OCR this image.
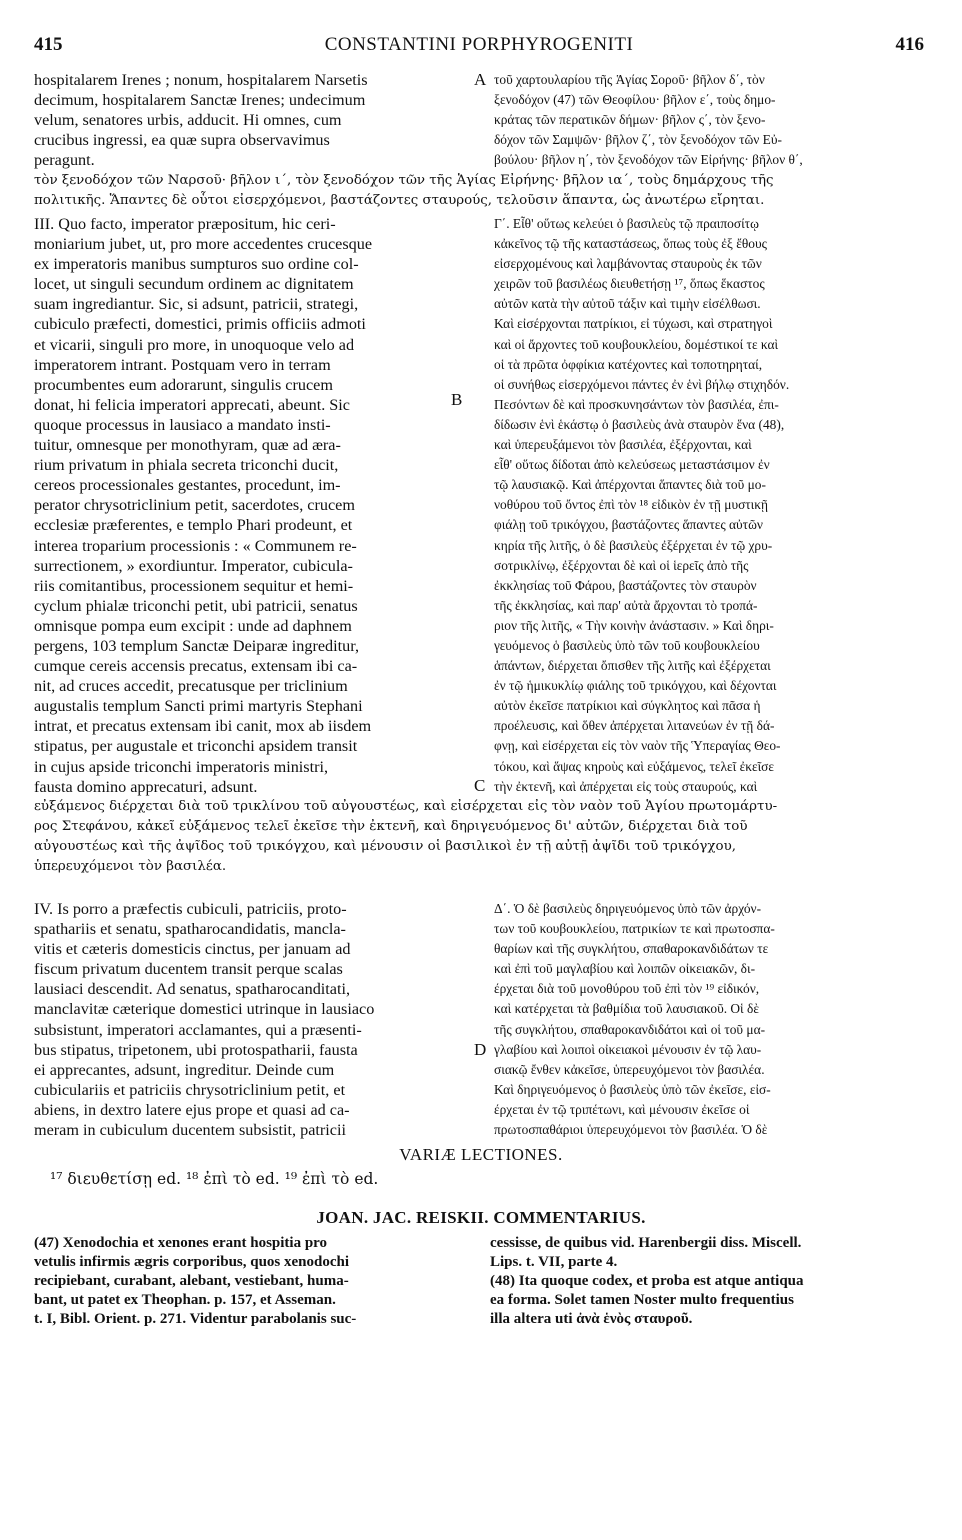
415	CONSTANTINI PORPHYROGENITI	416
hospitalarem Irenes ; nonum, hospitalarem Narsetis
decimum, hospitalarem Sanctæ Irenes; undecimum
velum, senatores urbis, adducit. Hi omnes, cum
crucibus ingressi, ea quæ supra observavimus
peragunt.
A τοῦ χαρτουλαρίου τῆς Ἁγίας Σοροῦ· βῆλον δ΄, τὸν
ξενοδόχον (47) τῶν Θεοφίλου· βῆλον ε΄, τοὺς δημο-
κράτας τῶν περατικῶν δήμων· βῆλον ς΄, τὸν ξενο-
δόχον τῶν Σαμψῶν· βῆλον ζ΄, τὸν ξενοδόχον τῶν Εὐ-
βούλου· βῆλον η΄, τὸν ξενοδόχον τῶν Εἰρήνης· βῆλον θ΄,
τὸν ξενοδόχον τῶν Ναρσοῦ· βῆλον ι΄, τὸν ξενοδόχον τῶν τῆς Ἁγίας Εἰρήνης· βῆλον ια΄, τοὺς δημάρχους τῆς
πολιτικῆς. Ἅπαντες δὲ οὗτοι εἰσερχόμενοι, βαστάζοντες σταυρούς, τελοῦσιν ἅπαντα, ὡς ἀνωτέρω εἴρηται.
III. Quo facto, imperator præpositum, hic ceri-
moniarium jubet, ut, pro more accedentes crucesque
ex imperatoris manibus sumpturos suo ordine col-
locet, ut singuli secundum ordinem ac dignitatem
suam ingrediantur. Sic, si adsunt, patricii, strategi,
cubiculo præfecti, domestici, primis officiis admoti
et vicarii, singuli pro more, in unoquoque velo ad
imperatorem intrant. Postquam vero in terram
procumbentes eum adorarunt, singulis crucem
donat, hi felicia imperatori apprecati, abeunt. Sic
quoque processus in lausiaco a mandato insti-
tuitur, omnesque per monothyram, quæ ad æra-
rium privatum in phiala secreta triconchi ducit,
cereos processionales gestantes, procedunt, im-
perator chrysotriclinium petit, sacerdotes, crucem
ecclesiæ præferentes, e templo Phari prodeunt, et
interea troparium processionis : « Communem re-
surrectionem, » exordiuntur. Imperator, cubicula-
riis comitantibus, processionem sequitur et hemi-
cyclum phialæ triconchi petit, ubi patricii, senatus
omnisque pompa eum excipit : unde ad daphnem
pergens, 103 templum Sanctæ Deiparæ ingreditur,
cumque cereis accensis precatus, extensam ibi ca-
nit, ad cruces accedit, precatusque per triclinium
augustalis templum Sancti primi martyris Stephani
intrat, et precatus extensam ibi canit, mox ab iisdem
stipatus, per augustale et triconchi apsidem transit
in cujus apside triconchi imperatoris ministri,
fausta domino apprecaturi, adsunt.
B
C
Γ΄. Εἶθ' οὕτως κελεύει ὁ βασιλεὺς τῷ πραιποσίτῳ
κἀκεῖνος τῷ τῆς καταστάσεως, ὅπως τοὺς ἐξ ἔθους
εἰσερχομένους καὶ λαμβάνοντας σταυροὺς ἐκ τῶν
χειρῶν τοῦ βασιλέως διευθετήσῃ ¹⁷, ὅπως ἕκαστος
αὐτῶν κατὰ τὴν αὐτοῦ τάξιν καὶ τιμὴν εἰσέλθωσι.
Καὶ εἰσέρχονται πατρίκιοι, εἰ τύχωσι, καὶ στρατηγοὶ
καὶ οἱ ἄρχοντες τοῦ κουβουκλείου, δομέστικοί τε καὶ
οἱ τὰ πρῶτα ὀφφίκια κατέχοντες καὶ τοποτηρηταί,
οἱ συνήθως εἰσερχόμενοι πάντες ἐν ἑνὶ βήλῳ στιχηδόν.
Πεσόντων δὲ καὶ προσκυνησάντων τὸν βασιλέα, ἐπι-
δίδωσιν ἑνὶ ἑκάστῳ ὁ βασιλεὺς ἀνὰ σταυρὸν ἕνα (48),
καὶ ὑπερευξάμενοι τὸν βασιλέα, ἐξέρχονται, καὶ
εἶθ' οὕτως δίδοται ἀπὸ κελεύσεως μεταστάσιμον ἐν
τῷ λαυσιακῷ. Καὶ ἀπέρχονται ἅπαντες διὰ τοῦ μο-
νοθύρου τοῦ ὄντος ἐπὶ τὸν ¹⁸ εἰδικὸν ἐν τῇ μυστικῇ
φιάλῃ τοῦ τρικόγχου, βαστάζοντες ἅπαντες αὐτῶν
κηρία τῆς λιτῆς, ὁ δὲ βασιλεὺς ἐξέρχεται ἐν τῷ χρυ-
σοτρικλίνῳ, ἐξέρχονται δὲ καὶ οἱ ἱερεῖς ἀπὸ τῆς
ἐκκλησίας τοῦ Φάρου, βαστάζοντες τὸν σταυρὸν
τῆς ἐκκλησίας, καὶ παρ' αὐτὰ ἄρχονται τὸ τροπά-
ριον τῆς λιτῆς, « Τὴν κοινὴν ἀνάστασιν. » Καὶ δηρι-
γευόμενος ὁ βασιλεὺς ὑπὸ τῶν τοῦ κουβουκλείου
ἁπάντων, διέρχεται ὄπισθεν τῆς λιτῆς καὶ ἐξέρχεται
ἐν τῷ ἡμικυκλίῳ φιάλης τοῦ τρικόγχου, καὶ δέχονται
αὐτὸν ἐκεῖσε πατρίκιοι καὶ σύγκλητος καὶ πᾶσα ἡ
προέλευσις, καὶ ὅθεν ἀπέρχεται λιτανεύων ἐν τῇ δά-
φνῃ, καὶ εἰσέρχεται εἰς τὸν ναὸν τῆς Ὑπεραγίας Θεο-
τόκου, καὶ ἅψας κηροὺς καὶ εὐξάμενος, τελεῖ ἐκεῖσε
τὴν ἐκτενῆ, καὶ ἀπέρχεται εἰς τοὺς σταυρούς, καὶ
εὐξάμενος διέρχεται διὰ τοῦ τρικλίνου τοῦ αὐγουστέως, καὶ εἰσέρχεται εἰς τὸν ναὸν τοῦ Ἁγίου πρωτομάρτυ-
ρος Στεφάνου, κἀκεῖ εὐξάμενος τελεῖ ἐκεῖσε τὴν ἐκτενῆ, καὶ δηριγευόμενος δι' αὐτῶν, διέρχεται διὰ τοῦ
αὐγουστέως καὶ τῆς ἀψῖδος τοῦ τρικόγχου, καὶ μένουσιν οἱ βασιλικοὶ ἐν τῇ αὐτῇ ἀψῖδι τοῦ τρικόγχου,
ὑπερευχόμενοι τὸν βασιλέα.
IV. Is porro a præfectis cubiculi, patriciis, proto-
spathariis et senatu, spatharocandidatis, mancla-
vitis et cæteris domesticis cinctus, per januam ad
fiscum privatum ducentem transit perque scalas
lausiaci descendit. Ad senatus, spatharocanditati,
manclavitæ cæterique domestici utrinque in lausiaco
subsistunt, imperatori acclamantes, qui a præsenti-
bus stipatus, tripetonem, ubi protospatharii, fausta
ei apprecantes, adsunt, ingreditur. Deinde cum
cubiculariis et patriciis chrysotriclinium petit, et
abiens, in dextro latere ejus prope et quasi ad ca-
meram in cubiculum ducentem subsistit, patricii
D
Δ΄. Ὁ δὲ βασιλεὺς δηριγευόμενος ὑπὸ τῶν ἀρχόν-
των τοῦ κουβουκλείου, πατρικίων τε καὶ πρωτοσπα-
θαρίων καὶ τῆς συγκλήτου, σπαθαροκανδιδάτων τε
καὶ ἐπὶ τοῦ μαγλαβίου καὶ λοιπῶν οἰκειακῶν, δι-
έρχεται διὰ τοῦ μονοθύρου τοῦ ἐπὶ τὸν ¹⁹ εἰδικόν,
καὶ κατέρχεται τὰ βαθμίδια τοῦ λαυσιακοῦ. Οἱ δὲ
τῆς συγκλήτου, σπαθαροκανδιδάτοι καὶ οἱ τοῦ μα-
γλαβίου καὶ λοιποὶ οἰκειακοὶ μένουσιν ἐν τῷ λαυ-
σιακῷ ἔνθεν κἀκεῖσε, ὑπερευχόμενοι τὸν βασιλέα.
Καὶ δηριγευόμενος ὁ βασιλεὺς ὑπὸ τῶν ἐκεῖσε, εἰσ-
έρχεται ἐν τῷ τριπέτωνι, καὶ μένουσιν ἐκεῖσε οἱ
πρωτοσπαθάριοι ὑπερευχόμενοι τὸν βασιλέα. Ὁ δὲ
VARIÆ LECTIONES.
¹⁷ διευθετίσῃ ed. ¹⁸ ἐπὶ τὸ ed. ¹⁹ ἐπὶ τὸ ed.
JOAN. JAC. REISKII. COMMENTARIUS.
(47) Xenodochia et xenones erant hospitia pro
vetulis infirmis ægris corporibus, quos xenodochi
recipiebant, curabant, alebant, vestiebant, huma-
bant, ut patet ex Theophan. p. 157, et Asseman.
t. I, Bibl. Orient. p. 271. Videntur parabolanis suc-
cessisse, de quibus vid. Harenbergii diss. Miscell.
Lips. t. VII, parte 4.
(48) Ita quoque codex, et proba est atque antiqua
ea forma. Solet tamen Noster multo frequentius
illa altera uti ἀνὰ ἑνὸς σταυροῦ.
